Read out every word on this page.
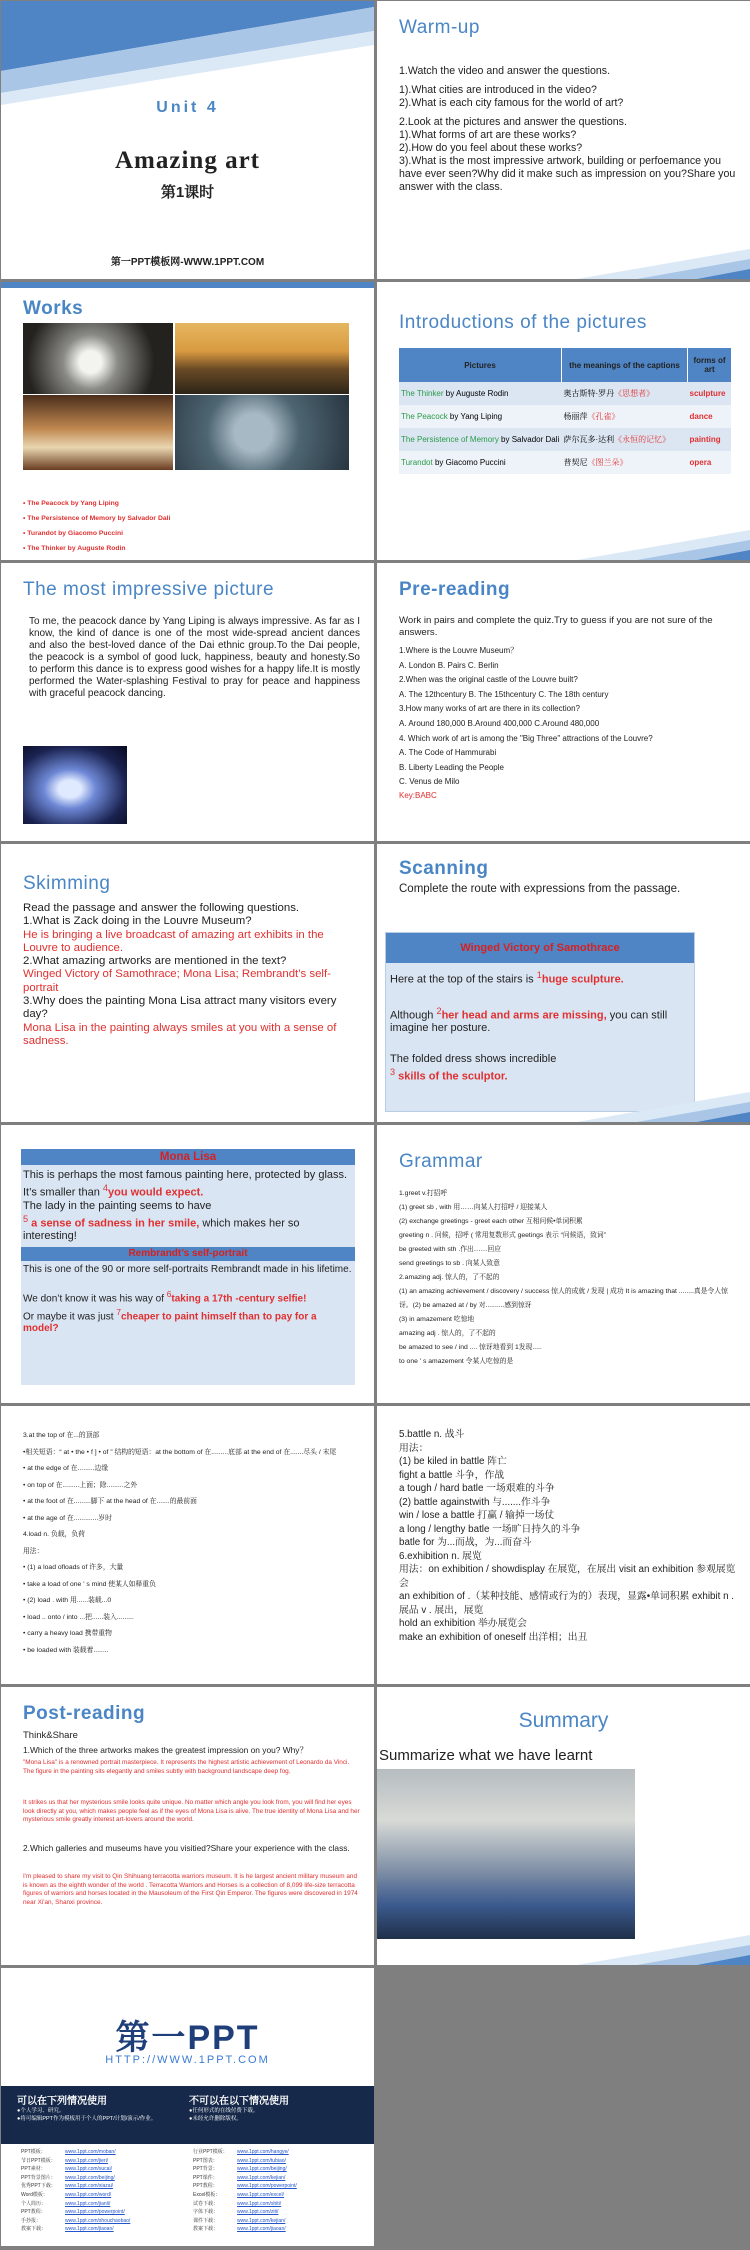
Unit 4
Amazing art
第1课时
第一PPT模板网-WWW.1PPT.COM
Warm-up
1.Watch the video and answer the questions.
1).What cities are introduced in the video?
2).What is each city famous for the world of art?
2.Look at the pictures and answer the questions.
1).What forms of art are these works?
2).How do you feel about these works?
3).What is the most impressive artwork, building or perfoemance you have ever seen?Why did it make such as impression on you?Share you answer with the class.
Works
• The Peacock by Yang Liping
• The Persistence of Memory by Salvador Dali
• Turandot by Giacomo Puccini
• The Thinker by Auguste Rodin
Introductions of the pictures
Pictures	the meanings of the captions	forms of art
The Thinker by Auguste Rodin	奥古斯特·罗丹《思想者》	sculpture
The Peacock by Yang Liping	杨丽萍《孔雀》	dance
The Persistence of Memory by Salvador Dali	萨尔瓦多·达利《永恒的记忆》	painting
Turandot by Giacomo Puccini	普契尼《图兰朵》	opera
The most impressive picture
To me, the peacock dance by Yang Liping is always impressive. As far as I know, the kind of dance is one of the most wide-spread ancient dances and also the best-loved dance of the Dai ethnic group.To the Dai people, the peacock is a symbol of good luck, happiness, beauty and honesty.So to perform this dance is to express good wishes for a happy life.It is mostly performed the Water-splashing Festival to pray for peace and happiness with graceful peacock dancing.
Pre-reading
Work in pairs and complete the quiz.Try to guess if you are not sure of the answers.
1.Where is the Louvre Museum？
A. London B. Pairs C. Berlin
2.When was the original castle of the Louvre built?
A. The 12thcentury B. The 15thcentury C. The 18th century
3.How many works of art are there in its collection?
A. Around 180,000 B.Around 400,000 C.Around 480,000
4. Which work of art is among the "Big Three" attractions of the Louvre?
A. The Code of Hammurabi
B. Liberty Leading the People
C. Venus de Milo
Key:BABC
Skimming
Read the passage and answer the following questions.
1.What is Zack doing in the Louvre Museum?
He is bringing a live broadcast of amazing art exhibits in the Louvre to audience.
2.What amazing artworks are mentioned in the text?
Winged Victory of Samothrace; Mona Lisa; Rembrandt’s self-portrait
3.Why does the painting Mona Lisa attract many visitors every day?
Mona Lisa in the painting always smiles at you with a sense of sadness.
Scanning
Complete the route with expressions from the passage.
Winged Victory of Samothrace

Here at the top of the stairs is $^1$huge sculpture.

Although $^2$her head and arms are missing, you can still imagine her posture.

The folded dress shows incredible
$^3$ skills of the sculptor.

Mona Lisa

This is perhaps the most famous painting here, protected by glass.

It’s smaller than $^4$you would expect.

The lady in the painting seems to have
$^5$ a sense of sadness in her smile, which makes her so interesting!

Rembrandt’s self-portrait

This is one of the 90 or more self-portraits Rembrandt made in his lifetime.

We don’t know it was his way of $^6$taking a 17th -century selfie!

Or maybe it was just $^7$cheaper to paint himself than to pay for a model?

Grammar
1.greet v.打招呼
(1) greet sb , with 用……向某人打招呼 / 迎接某人
(2) exchange greetings - greet each other 互相问候•单词积累
greeting n . 问候，招呼 ( 常用复数形式 geetings 表示 “问候语，致词”
be greeted with sth .作出……回应
send greetings to sb . 向某人致意
2.amazing adj. 惊人的，了不起的
(1) an amazing achievement / discovery / success 惊人的成就 / 发现 | 成功 It is amazing that ........真是令人惊讶。(2) be amazed at / by 对..........感到惊讶
(3) in amazement 吃惊地
amazing adj . 惊人的，了不起的
be amazed to see / ind .... 惊讶地看到 1发现.....
to one ' s amazement 令某人吃惊的是
3.at the top of 在...的顶部
•相关短语：“ at • the • f ] • of ” 结构的短语：at the bottom of 在.........底部 at the end of 在.......尽头 / 末尾
• at the edge of 在.........边缘
• on top of 在.........上面；除.........之外
• at the foot of 在.........脚下 at the head of 在.......的最前面
• at the age of 在.............岁时
4.load n. 负载，负荷
用法：
• (1) a load ofloads of 许多，大量
• take a load of one ' s mind 使某人如释重负
• (2) load . with 用......装载...0
• load .. onto / into ...把......装入.........
• carry a heavy load 携带重物
• be loaded with 装载着........
5.battle n. 战斗
用法：
(1) be kiled in battle 阵亡
fight a battle 斗争，作战
a tough / hard batle 一场艰难的斗争
(2) battle againstwith 与.......作斗争
win / lose a battle 打赢 / 输掉一场仗
a long / lengthy batle 一场旷日持久的斗争
batle for 为...而战，为...而奋斗
6.exhibition n. 展览
用法：on exhibition / showdisplay 在展览，在展出 visit an exhibition 参观展览会
an exhibition of .（某种技能、感情或行为的）表现，显露•单词积累 exhibit n . 展品 v . 展出，展览
hold an exhibition 举办展览会
make an exhibition of oneself 出洋相；出丑
Post-reading
Think&Share
1.Which of the three artworks makes the greatest impression on you? Why？
"Mona Lisa" is a renowned portrait masterpiece. It represents the highest artistic achievement of Leonardo da Vinci. The figure in the painting sits elegantly and smiles subtly with background landscape deep fog.
It strikes us that her mysterious smile looks quite unique. No matter which angle you look from, you will find her eyes look directly at you, which makes people feel as if the eyes of Mona Lisa is alive. The true identity of Mona Lisa and her mysterious smile greatly interest art-lovers around the world.
2.Which galleries and museums have you visitied?Share your experience with the class.
I'm pleased to share my visit to Qin Shihuang terracotta warriors museum. It is he largest ancient military museum and is known as the eighth wonder of the world . Terracotta Warriors and Horses is a collection of 8,099 life-size terracotta figures of warriors and horses located in the Mausoleum of the First Qin Emperor. The figures were discovered in 1974 near Xi'an, Shanxi province.
Summary
Summarize what we have learnt
第一PPT
HTTP://WWW.1PPT.COM
可以在下列情况使用
●个人学习、研究。
●将可编辑PPT作为模板用于个人的PPT/计划/演示/作业。
不可以在以下情况使用
●任何形式的在线付费下载。
●未经允许删除版权。
PPT模板：	www.1ppt.com/moban/
节日PPT模板： www.1ppt.com/jieri/
PPT素材：	www.1ppt.com/sucai/
PPT背景图片： www.1ppt.com/beijing/
优秀PPT下载： www.1ppt.com/xiazai/
Word模板：	www.1ppt.com/word/
个人简历：	www.1ppt.com/jianli/
PPT教程：	www.1ppt.com/powerpoint/
手抄报：	www.1ppt.com/shouchaobao/
教案下载：	www.1ppt.com/jiaoan/
行业PPT模板： www.1ppt.com/hangye/
PPT图表：	www.1ppt.com/tubiao/
PPT背景：	www.1ppt.com/beijing/
PPT课件：	www.1ppt.com/kejian/
PPT教程：	www.1ppt.com/powerpoint/
Excel模板：	www.1ppt.com/excel/
试卷下载：	www.1ppt.com/shiti/
字体下载：	www.1ppt.com/ziti/
课件下载：	www.1ppt.com/kejian/
教案下载：	www.1ppt.com/jiaoan/
